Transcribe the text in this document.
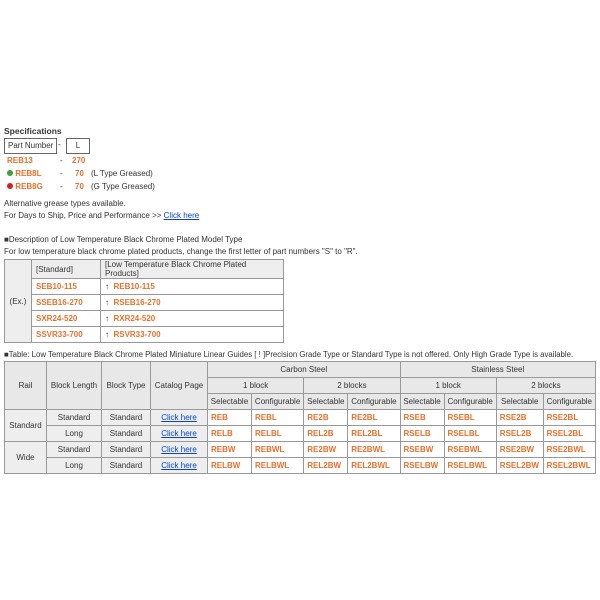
Specifications
Part Number -	L
REB13	- 270
REB8L - 70 (L Type Greased)
REB8G - 70 (G Type Greased)
Alternative grease types available.
For Days to Ship, Price and Performance >> Click here
■Description of Low Temperature Black Chrome Plated Model Type
For low temperature black chrome plated products, change the first letter of part numbers "S" to "R".
(Ex.)	[Standard]	[Low Temperature Black Chrome Plated Products]
	SEB10-115	↑ REB10-115
	SSEB16-270	↑ RSEB16-270
	SXR24-520	↑ RXR24-520
	SSVR33-700	↑ RSVR33-700
■Table: Low Temperature Black Chrome Plated Miniature Linear Guides [ ! ]Precision Grade Type or Standard Type is not offered. Only High Grade Type is available.
Rail	Block Length	Block Type	Catalog Page	Carbon Steel				Stainless Steel			
				1 block		2 blocks		1 block		2 blocks	
				Selectable	Configurable	Selectable	Configurable	Selectable	Configurable	Selectable	Configurable
Standard	Standard	Standard	Click here	REB	REBL	RE2B	RE2BL	RSEB	RSEBL	RSE2B	RSE2BL
	Long	Standard	Click here	RELB	RELBL	REL2B	REL2BL	RSELB	RSELBL	RSEL2B	RSEL2BL
Wide	Standard	Standard	Click here	REBW	REBWL	RE2BW	RE2BWL	RSEBW	RSEBWL	RSE2BW	RSE2BWL
	Long	Standard	Click here	RELBW	RELBWL	REL2BW	REL2BWL	RSELBW	RSELBWL	RSEL2BW	RSEL2BWL
